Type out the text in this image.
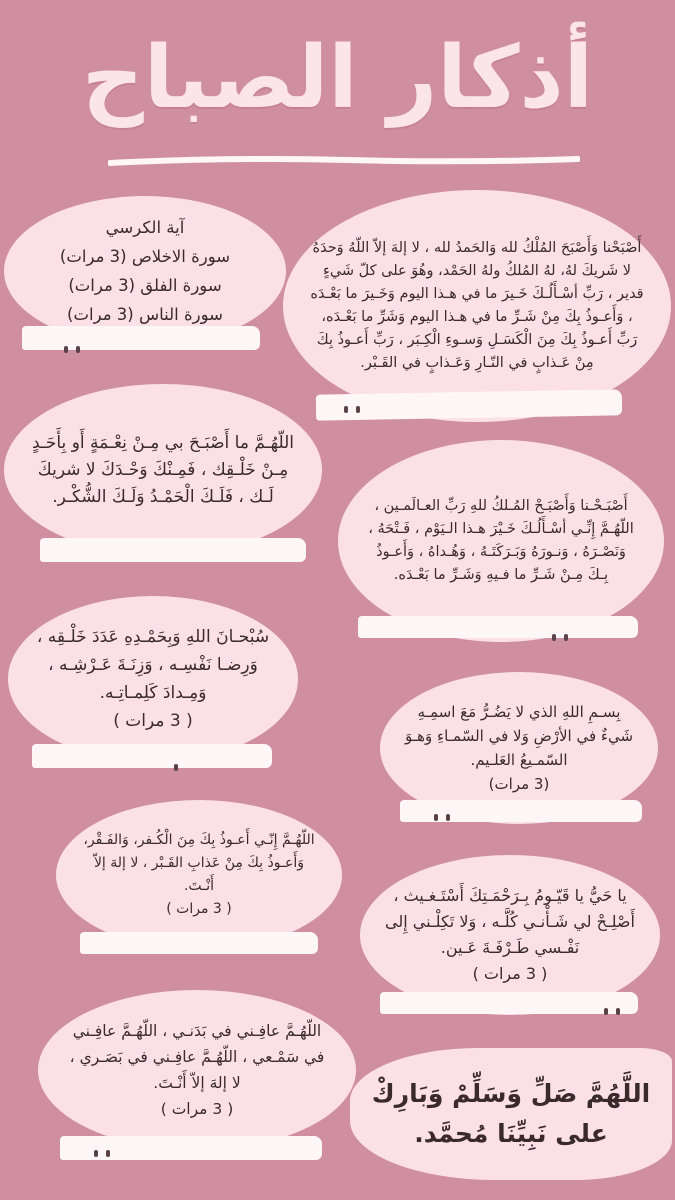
أذكار الصباح
أَصْبَحْنا وَأَصْبَحَ المُلْكُ لله وَالحَمدُ لله ، لا إلهَ إلاّ اللّهُ وَحدَهُ لا شَريكَ لهُ، لهُ المُلكُ ولهُ الحَمْد، وهُوَ على كلّ شَيءٍ قدير ، رَبِّ أسْـأَلُـكَ خَـيرَ ما في هـذا اليوم وَخَـيرَ ما بَعْـدَه ، وَأَعـوذُ بِكَ مِنْ شَـرِّ ما في هـذا اليوم وَشَرِّ ما بَعْـدَه، رَبِّ أَعـوذُ بِكَ مِنَ الْكَسَـلِ وَسـوءِ الْكِـبَر ، رَبِّ أَعـوذُ بِكَ مِنْ عَـذابٍ في النّـارِ وَعَـذابٍ في القَـبْر.
أَصْبَـحْـنا وَأَصْبَـحْ المُـلكُ للهِ رَبِّ العـالَمـين ، اللّهُـمَّ إِنِّـي أسْـأَلُـكَ خَـيْرَ هـذا الـيَوْم ، فَـتْحَهُ ، وَنَصْـرَهُ ، وَنـورَهُ وَبَـرَكَتَـهُ ، وَهُـداهُ ، وَأَعـوذُ بِـكَ مِـنْ شَـرِّ ما فـيهِ وَشَـرِّ ما بَعْـدَه.
بِسـمِ اللهِ الذي لا يَضُـرُّ مَعَ اسمِـهِ شَيءٌ في الأرْضِ وَلا في السّمـاءِ وَهـوَ السّمـيعُ العَلـيم.
(3 مرات)
يا حَيُّ يا قَيّـومُ بِـرَحْمَـتِكَ أَسْتَـغـيث ، أَصْلِـحْ لي شَـأْنـي كُلَّـه ، وَلا تَكِلْـني إِلى نَفْـسي طَـرْفَـةَ عَـين.
( 3 مرات )
اللَّهُمَّ صَلِّ وَسَلِّمْ وَبَارِكْ
على نَبِيِّنَا مُحمَّد.
آية الكرسي
سورة الاخلاص (3 مرات)
سورة الفلق (3 مرات)
سورة الناس (3 مرات)
اللّهُـمَّ ما أَصْبَـحَ بي مِـنْ نِعْـمَةٍ أَو بِأَحَـدٍ مِـنْ خَلْـقِك ، فَمِـنْكَ وَحْـدَكَ لا شريكَ لَـك ، فَلَـكَ الْحَمْـدُ وَلَـكَ الشُّكْـر.
سُبْحـانَ اللهِ وَبِحَمْـدِهِ عَدَدَ خَلْـقِه ، وَرِضـا نَفْسِـه ، وَزِنَـةَ عَـرْشِـه ، وَمِـدادَ كَلِمـاتِـه.
( 3 مرات )
اللّهُـمَّ إِنّـي أَعـوذُ بِكَ مِنَ الْكُـفر، وَالفَـقْر، وَأَعـوذُ بِكَ مِنْ عَذابِ القَـبْر ، لا إلهَ إلاّ أَنْـتَ.
( 3 مرات )
اللّهُـمَّ عافِـني في بَدَنـي ، اللّهُـمَّ عافِـني في سَمْـعي ، اللّهُـمَّ عافِـني في بَصَـري ، لا إلهَ إلاّ أَنْـتَ.
( 3 مرات )
